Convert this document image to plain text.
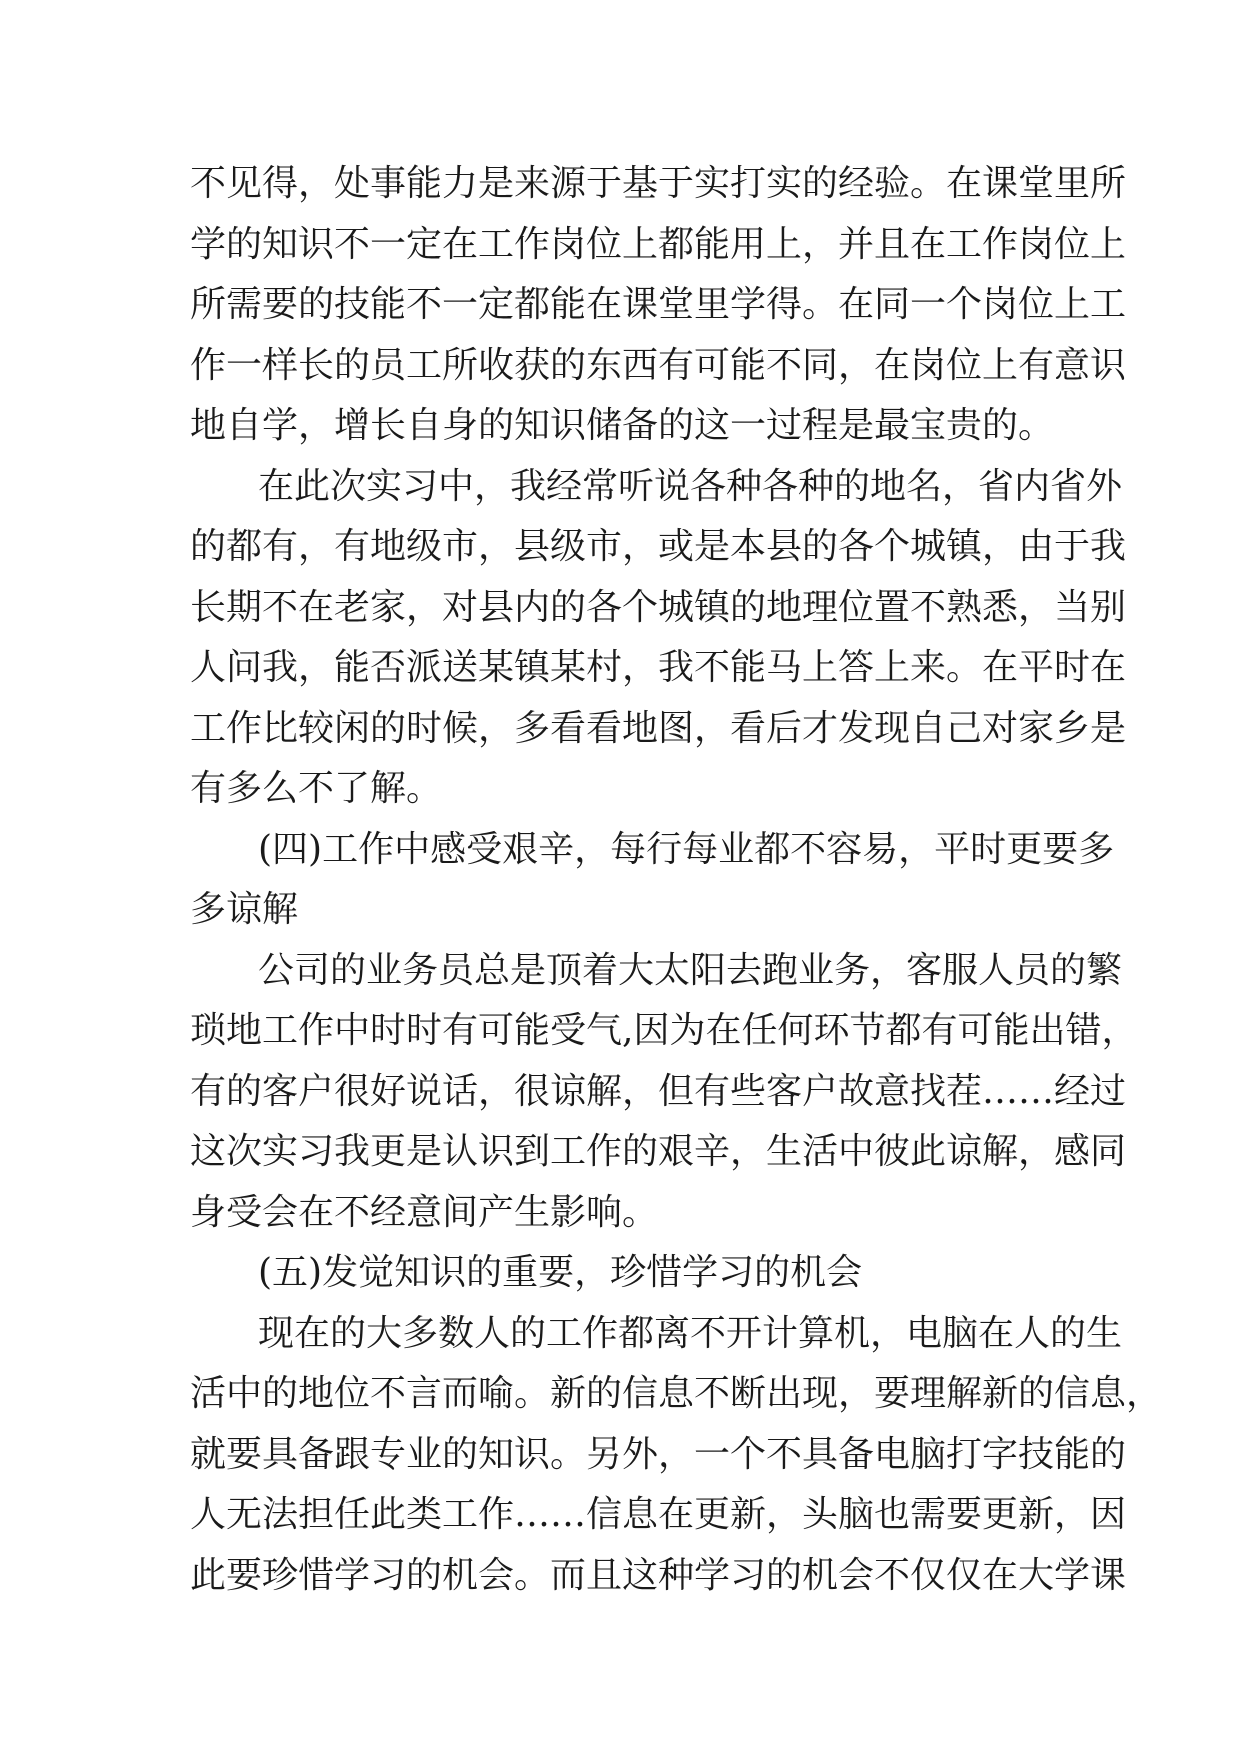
不见得，处事能力是来源于基于实打实的经验。在课堂里所
学的知识不一定在工作岗位上都能用上，并且在工作岗位上
所需要的技能不一定都能在课堂里学得。在同一个岗位上工
作一样长的员工所收获的东西有可能不同，在岗位上有意识
地自学，增长自身的知识储备的这一过程是最宝贵的。
在此次实习中，我经常听说各种各种的地名，省内省外
的都有，有地级市，县级市，或是本县的各个城镇，由于我
长期不在老家，对县内的各个城镇的地理位置不熟悉，当别
人问我，能否派送某镇某村，我不能马上答上来。在平时在
工作比较闲的时候，多看看地图，看后才发现自己对家乡是
有多么不了解。
(四)工作中感受艰辛，每行每业都不容易，平时更要多
多谅解
公司的业务员总是顶着大太阳去跑业务，客服人员的繁
琐地工作中时时有可能受气,因为在任何环节都有可能出错，
有的客户很好说话，很谅解，但有些客户故意找茬……经过
这次实习我更是认识到工作的艰辛，生活中彼此谅解，感同
身受会在不经意间产生影响。
(五)发觉知识的重要，珍惜学习的机会
现在的大多数人的工作都离不开计算机，电脑在人的生
活中的地位不言而喻。新的信息不断出现，要理解新的信息，
就要具备跟专业的知识。另外，一个不具备电脑打字技能的
人无法担任此类工作……信息在更新，头脑也需要更新，因
此要珍惜学习的机会。而且这种学习的机会不仅仅在大学课
